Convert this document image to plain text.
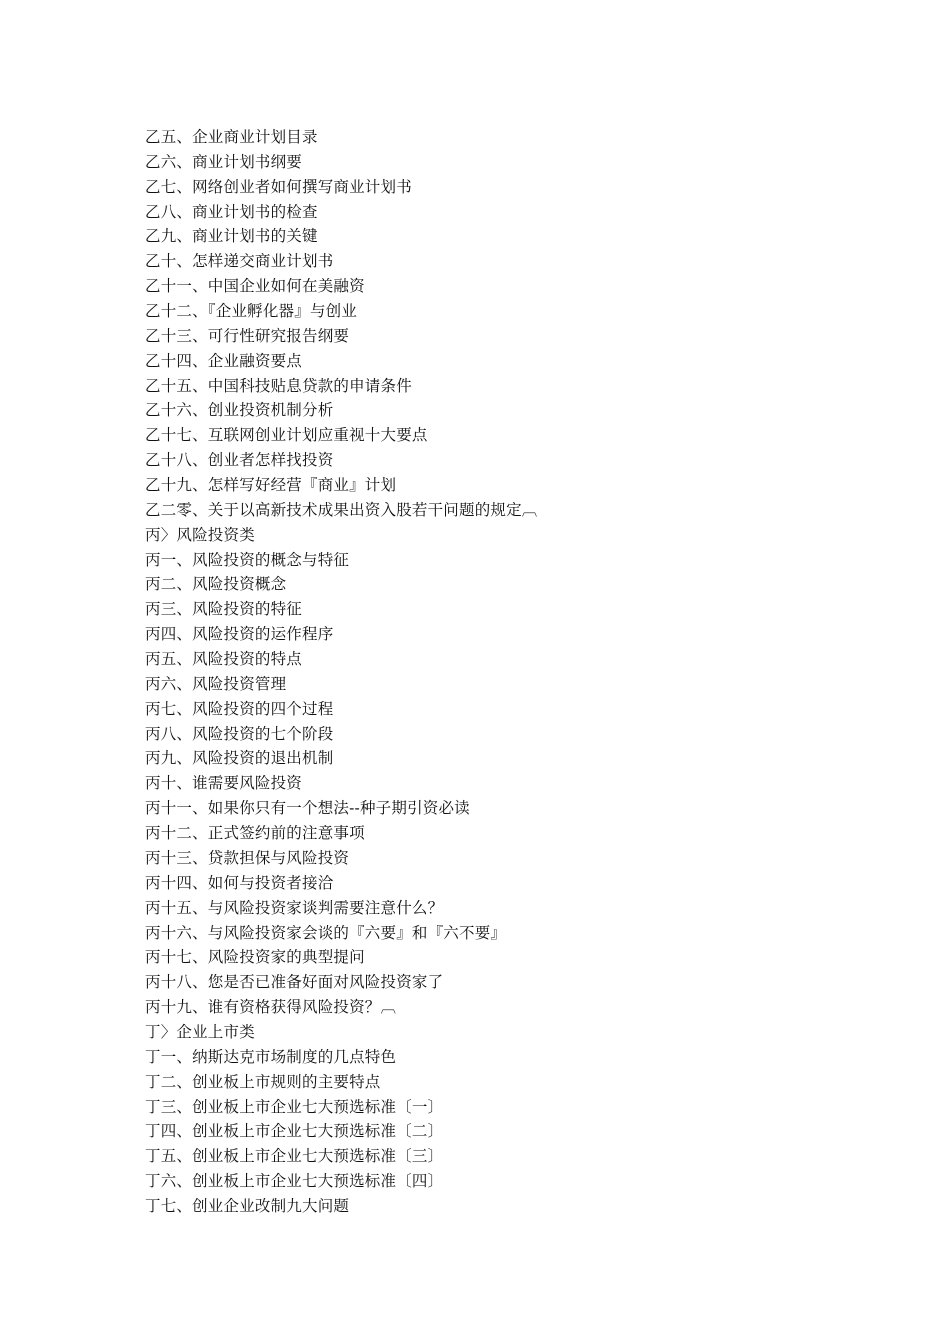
乙五、企业商业计划目录
乙六、商业计划书纲要
乙七、网络创业者如何撰写商业计划书
乙八、商业计划书的检查
乙九、商业计划书的关键
乙十、怎样递交商业计划书
乙十一、中国企业如何在美融资
乙十二、『企业孵化器』与创业
乙十三、可行性研究报告纲要
乙十四、企业融资要点
乙十五、中国科技贴息贷款的申请条件
乙十六、创业投资机制分析
乙十七、互联网创业计划应重视十大要点
乙十八、创业者怎样找投资
乙十九、怎样写好经营『商业』计划
乙二零、关于以高新技术成果出资入股若干问题的规定︹
丙〉风险投资类
丙一、风险投资的概念与特征
丙二、风险投资概念
丙三、风险投资的特征
丙四、风险投资的运作程序
丙五、风险投资的特点
丙六、风险投资管理
丙七、风险投资的四个过程
丙八、风险投资的七个阶段
丙九、风险投资的退出机制
丙十、谁需要风险投资
丙十一、如果你只有一个想法--种子期引资必读
丙十二、正式签约前的注意事项
丙十三、贷款担保与风险投资
丙十四、如何与投资者接洽
丙十五、与风险投资家谈判需要注意什么？
丙十六、与风险投资家会谈的『六要』和『六不要』
丙十七、风险投资家的典型提问
丙十八、您是否已准备好面对风险投资家了
丙十九、谁有资格获得风险投资？︹
丁〉企业上市类
丁一、纳斯达克市场制度的几点特色
丁二、创业板上市规则的主要特点
丁三、创业板上市企业七大预选标准〔一〕
丁四、创业板上市企业七大预选标准〔二〕
丁五、创业板上市企业七大预选标准〔三〕
丁六、创业板上市企业七大预选标准〔四〕
丁七、创业企业改制九大问题
